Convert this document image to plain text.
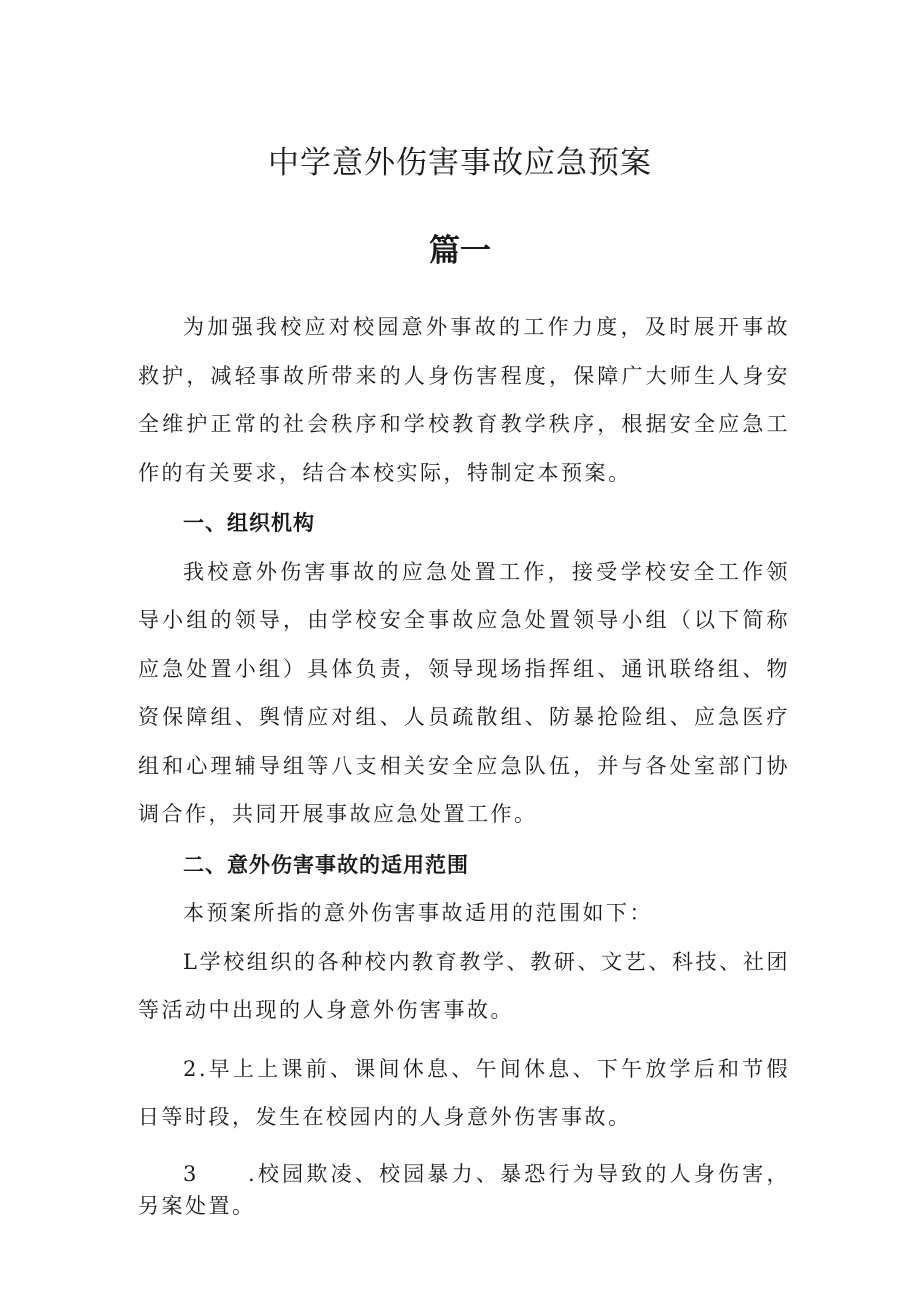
中学意外伤害事故应急预案
篇一

为加强我校应对校园意外事故的工作力度，及时展开事故救护，减轻事故所带来的人身伤害程度，保障广大师生人身安全维护正常的社会秩序和学校教育教学秩序，根据安全应急工作的有关要求，结合本校实际，特制定本预案。

一、组织机构

我校意外伤害事故的应急处置工作，接受学校安全工作领导小组的领导，由学校安全事故应急处置领导小组（以下简称应急处置小组）具体负责，领导现场指挥组、通讯联络组、物资保障组、舆情应对组、人员疏散组、防暴抢险组、应急医疗组和心理辅导组等八支相关安全应急队伍，并与各处室部门协调合作，共同开展事故应急处置工作。

二、意外伤害事故的适用范围

本预案所指的意外伤害事故适用的范围如下：

L学校组织的各种校内教育教学、教研、文艺、科技、社团等活动中出现的人身意外伤害事故。

2.早上上课前、课间休息、午间休息、下午放学后和节假日等时段，发生在校园内的人身意外伤害事故。

3　　.校园欺凌、校园暴力、暴恐行为导致的人身伤害，另案处置。
